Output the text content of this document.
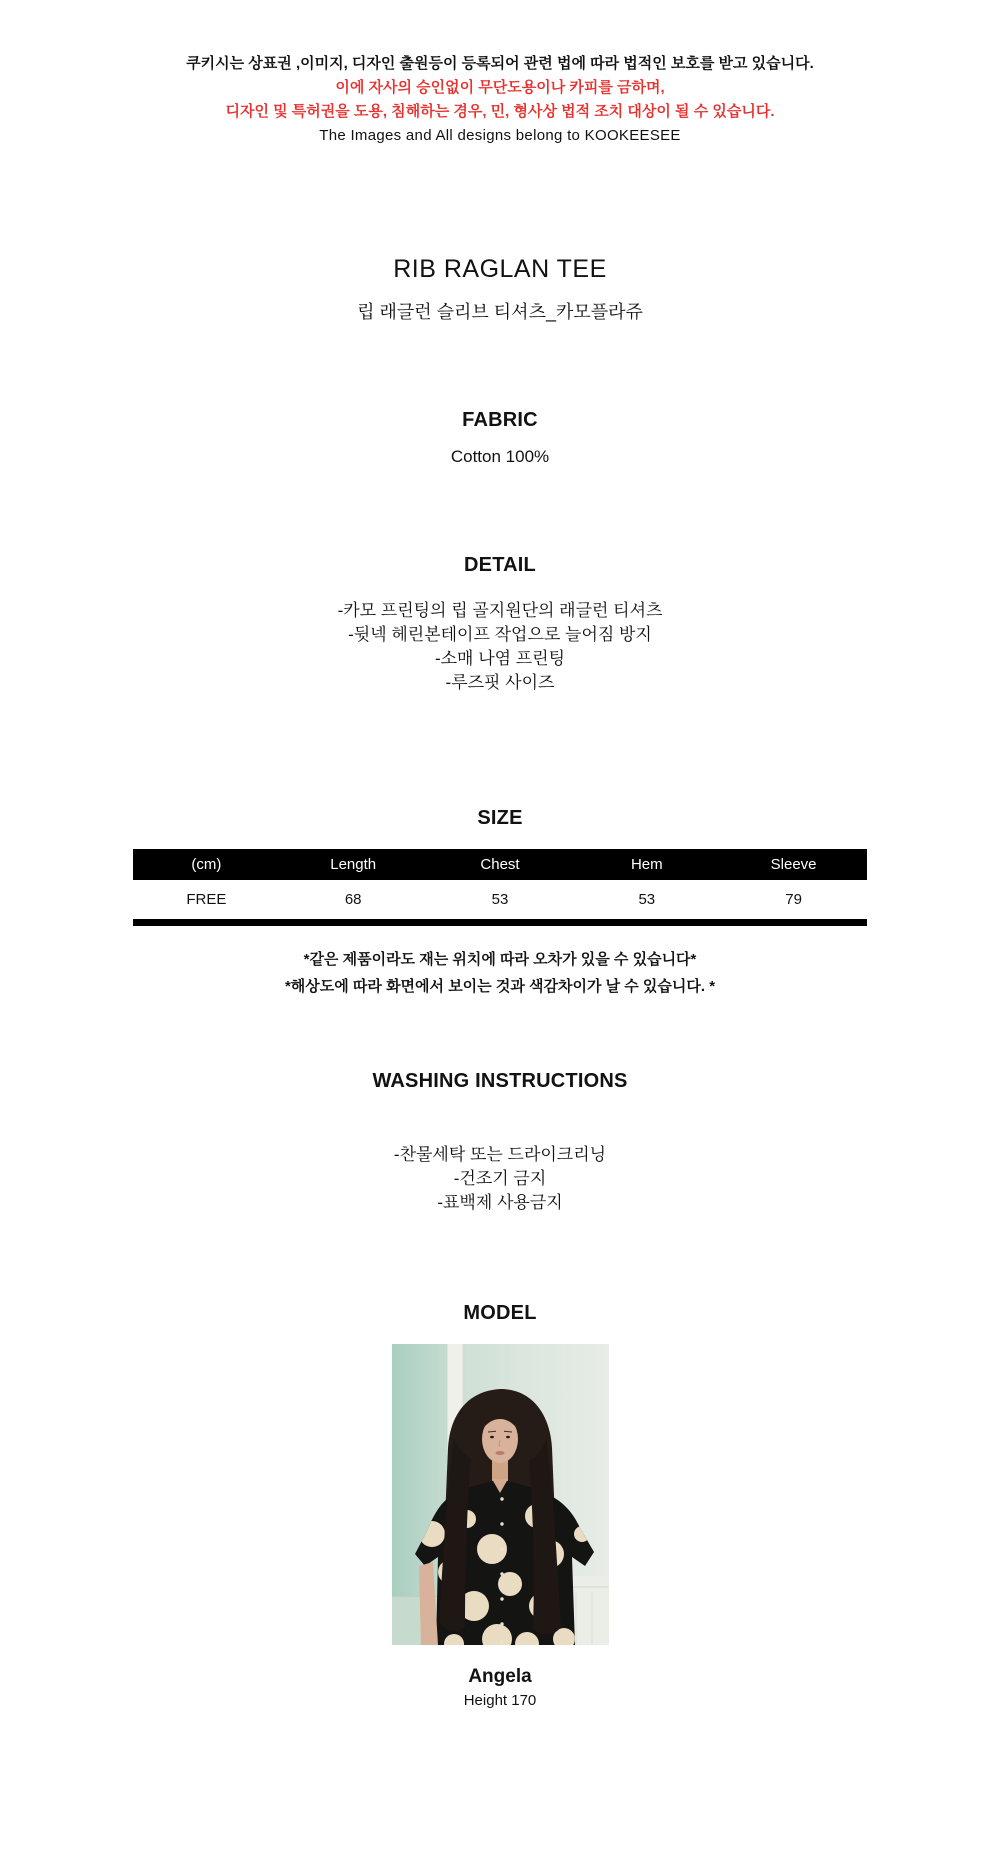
쿠키시는 상표권 ,이미지, 디자인 출원등이 등록되어 관련 법에 따라 법적인 보호를 받고 있습니다.
이에 자사의 승인없이 무단도용이나 카피를 금하며,
디자인 및 특허권을 도용, 침해하는 경우, 민, 형사상 법적 조치 대상이 될 수 있습니다.
The Images and All designs belong to KOOKEESEE
RIB RAGLAN TEE
립 래글런 슬리브 티셔츠_카모플라쥬
FABRIC
Cotton 100%
DETAIL
-카모 프린팅의 립 골지원단의 래글런 티셔츠
-뒷넥 헤린본테이프 작업으로 늘어짐 방지
-소매 나염 프린팅
-루즈핏 사이즈
SIZE
(cm)	Length	Chest	Hem	Sleeve
FREE	68	53	53	79
*같은 제품이라도 재는 위치에 따라 오차가 있을 수 있습니다*
*해상도에 따라 화면에서 보이는 것과 색감차이가 날 수 있습니다. *
WASHING INSTRUCTIONS
-찬물세탁 또는 드라이크리닝
-건조기 금지
-표백제 사용금지
MODEL
Angela
Height 170
